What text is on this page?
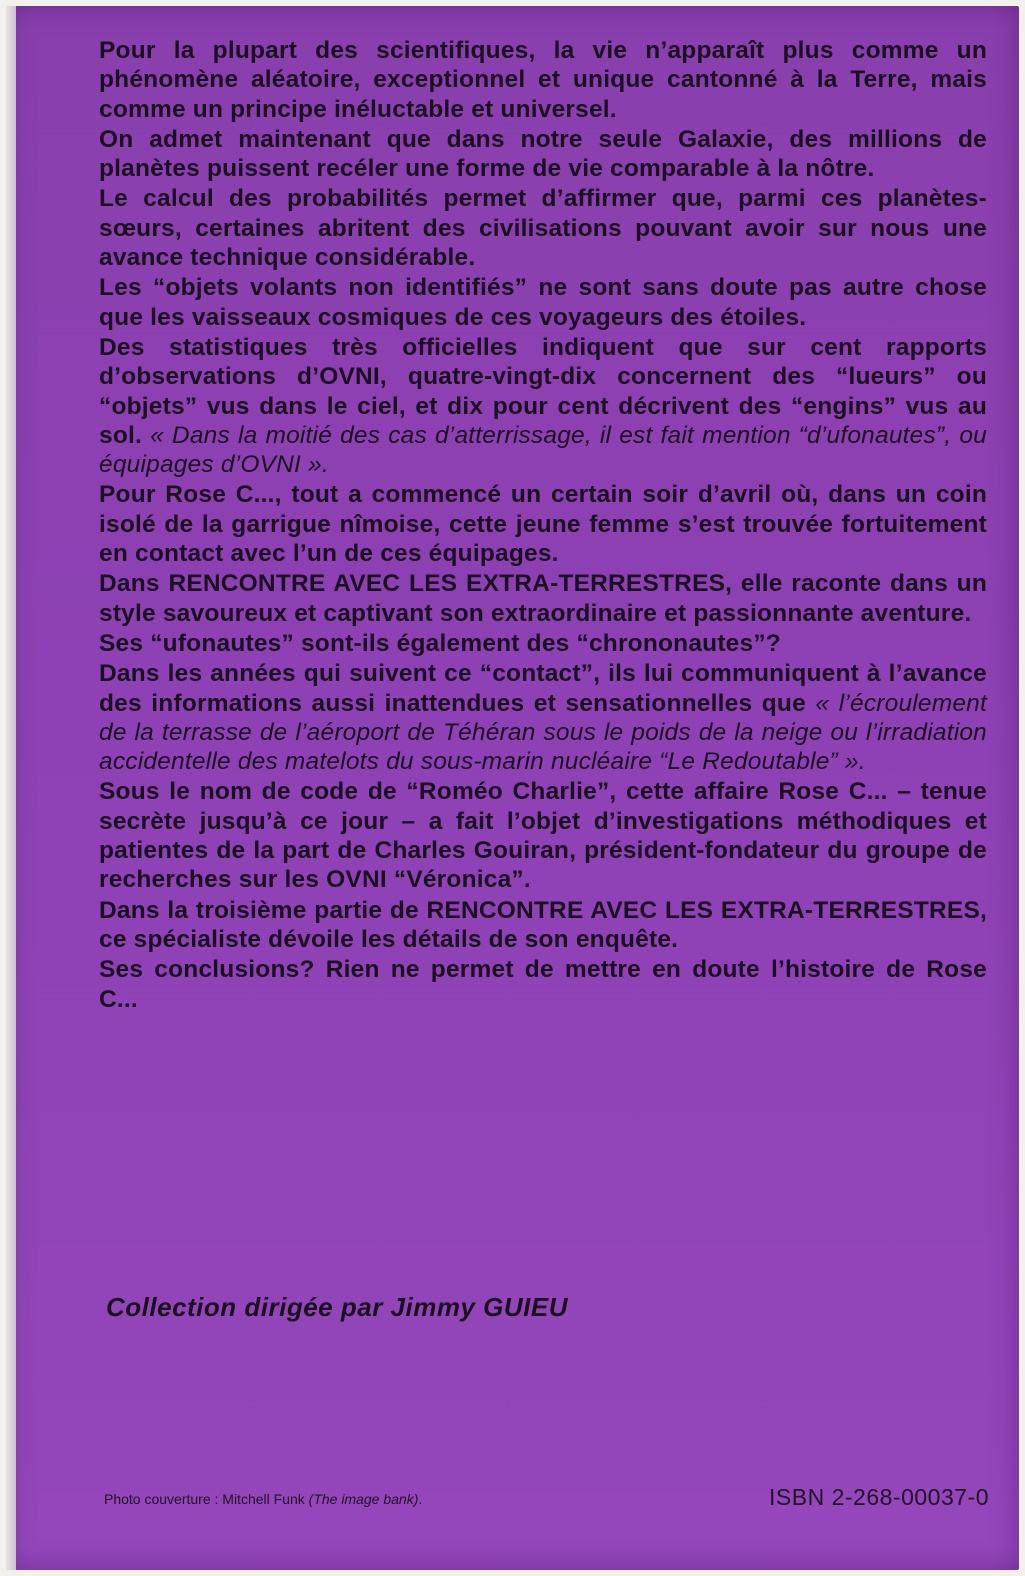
Pour la plupart des scientifiques, la vie n’apparaît plus comme un phénomène aléatoire, exceptionnel et unique cantonné à la Terre, mais comme un principe inéluctable et universel.

On admet maintenant que dans notre seule Galaxie, des millions de planètes puissent recéler une forme de vie comparable à la nôtre.

Le calcul des probabilités permet d’affirmer que, parmi ces planètes-sœurs, certaines abritent des civilisations pouvant avoir sur nous une avance technique considérable.

Les “objets volants non identifiés” ne sont sans doute pas autre chose que les vaisseaux cosmiques de ces voyageurs des étoiles.

Des statistiques très officielles indiquent que sur cent rapports d’observations d’OVNI, quatre-vingt-dix concernent des “lueurs” ou “objets” vus dans le ciel, et dix pour cent décrivent des “engins” vus au sol. « Dans la moitié des cas d’atterrissage, il est fait mention “d’ufonautes”, ou équipages d’OVNI ».

Pour Rose C..., tout a commencé un certain soir d’avril où, dans un coin isolé de la garrigue nîmoise, cette jeune femme s’est trouvée fortuitement en contact avec l’un de ces équipages.

Dans RENCONTRE AVEC LES EXTRA-TERRESTRES, elle raconte dans un style savoureux et captivant son extraordinaire et passionnante aventure.

Ses “ufonautes” sont-ils également des “chrononautes”?

Dans les années qui suivent ce “contact”, ils lui communiquent à l’avance des informations aussi inattendues et sensationnelles que « l’écroulement de la terrasse de l’aéroport de Téhéran sous le poids de la neige ou l’irradiation accidentelle des matelots du sous-marin nucléaire “Le Redoutable” ».

Sous le nom de code de “Roméo Charlie”, cette affaire Rose C... – tenue secrète jusqu’à ce jour – a fait l’objet d’investigations méthodiques et patientes de la part de Charles Gouiran, président-fondateur du groupe de recherches sur les OVNI “Véronica”.

Dans la troisième partie de RENCONTRE AVEC LES EXTRA-TERRESTRES, ce spécialiste dévoile les détails de son enquête.

Ses conclusions? Rien ne permet de mettre en doute l’histoire de Rose C...

Collection dirigée par Jimmy GUIEU
Photo couverture : Mitchell Funk (The image bank).	ISBN 2-268-00037-0
